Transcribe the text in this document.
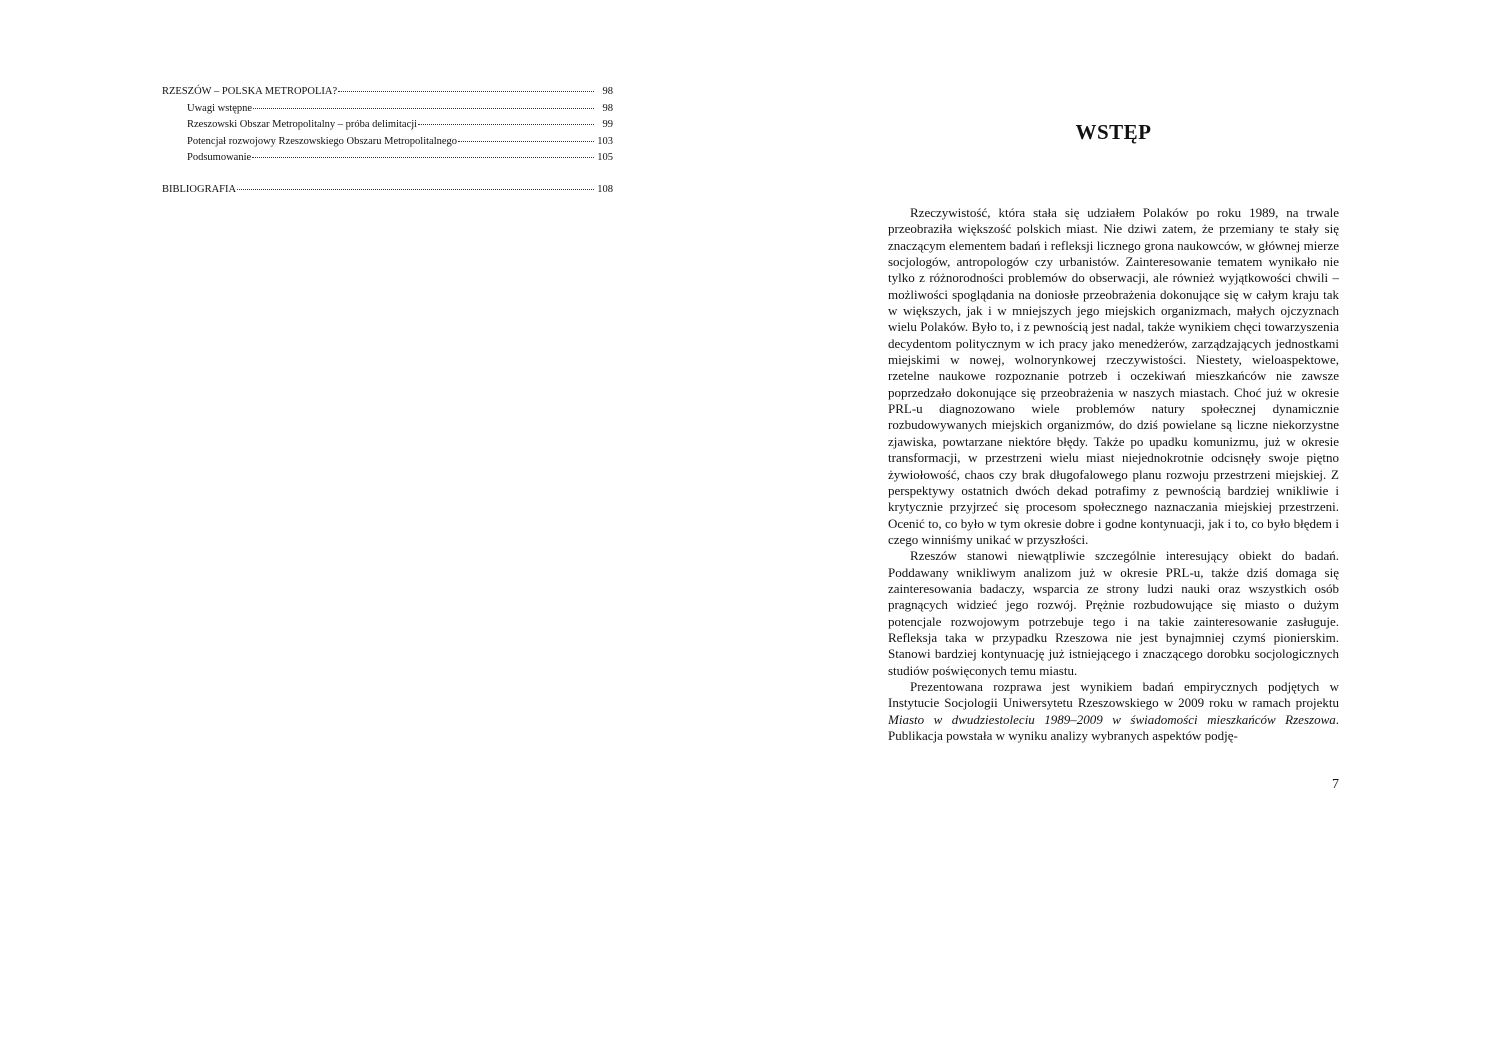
RZESZÓW – POLSKA METROPOLIA?	98
Uwagi wstępne	98
Rzeszowski Obszar Metropolitalny – próba delimitacji	99
Potencjał rozwojowy Rzeszowskiego Obszaru Metropolitalnego	103
Podsumowanie	105
BIBLIOGRAFIA	108
WSTĘP

Rzeczywistość, która stała się udziałem Polaków po roku 1989, na trwale przeobraziła większość polskich miast. Nie dziwi zatem, że przemiany te stały się znaczącym elementem badań i refleksji licznego grona naukowców, w głównej mierze socjologów, antropologów czy urbanistów. Zainteresowanie tematem wynikało nie tylko z różnorodności problemów do obserwacji, ale również wyjątkowości chwili – możliwości spoglądania na doniosłe przeobrażenia dokonujące się w całym kraju tak w większych, jak i w mniejszych jego miejskich organizmach, małych ojczyznach wielu Polaków. Było to, i z pewnością jest nadal, także wynikiem chęci towarzyszenia decydentom politycznym w ich pracy jako menedżerów, zarządzających jednostkami miejskimi w nowej, wolnorynkowej rzeczywistości. Niestety, wieloaspektowe, rzetelne naukowe rozpoznanie potrzeb i oczekiwań mieszkańców nie zawsze poprzedzało dokonujące się przeobrażenia w naszych miastach. Choć już w okresie PRL-u diagnozowano wiele problemów natury społecznej dynamicznie rozbudowywanych miejskich organizmów, do dziś powielane są liczne niekorzystne zjawiska, powtarzane niektóre błędy. Także po upadku komunizmu, już w okresie transformacji, w przestrzeni wielu miast niejednokrotnie odcisnęły swoje piętno żywiołowość, chaos czy brak długofalowego planu rozwoju przestrzeni miejskiej. Z perspektywy ostatnich dwóch dekad potrafimy z pewnością bardziej wnikliwie i krytycznie przyjrzeć się procesom społecznego naznaczania miejskiej przestrzeni. Ocenić to, co było w tym okresie dobre i godne kontynuacji, jak i to, co było błędem i czego winniśmy unikać w przyszłości.

Rzeszów stanowi niewątpliwie szczególnie interesujący obiekt do badań. Poddawany wnikliwym analizom już w okresie PRL-u, także dziś domaga się zainteresowania badaczy, wsparcia ze strony ludzi nauki oraz wszystkich osób pragnących widzieć jego rozwój. Prężnie rozbudowujące się miasto o dużym potencjale rozwojowym potrzebuje tego i na takie zainteresowanie zasługuje. Refleksja taka w przypadku Rzeszowa nie jest bynajmniej czymś pionierskim. Stanowi bardziej kontynuację już istniejącego i znaczącego dorobku socjologicznych studiów poświęconych temu miastu.

Prezentowana rozprawa jest wynikiem badań empirycznych podjętych w Instytucie Socjologii Uniwersytetu Rzeszowskiego w 2009 roku w ramach projektu Miasto w dwudziestoleciu 1989–2009 w świadomości mieszkańców Rzeszowa. Publikacja powstała w wyniku analizy wybranych aspektów podję-

7
